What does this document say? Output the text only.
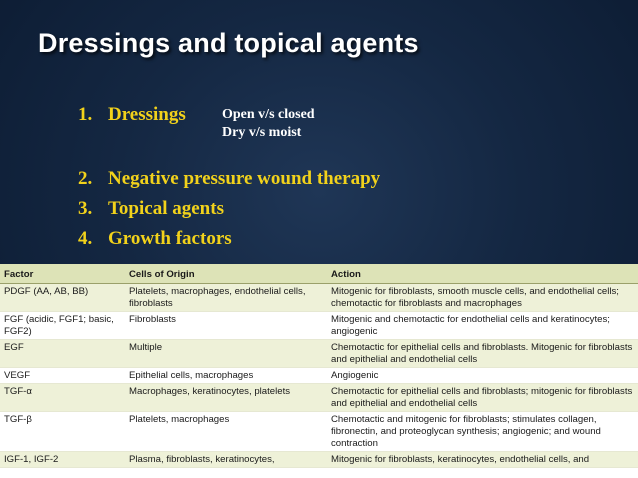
Dressings and topical agents
1. Dressings
2. Negative pressure wound therapy
3. Topical agents
4. Growth factors
Open v/s closed
Dry v/s moist
Factor	Cells of Origin	Action
PDGF (AA, AB, BB)	Platelets, macrophages, endothelial cells, fibroblasts	Mitogenic for fibroblasts, smooth muscle cells, and endothelial cells; chemotactic for fibroblasts and macrophages
FGF (acidic, FGF1; basic, FGF2)	Fibroblasts	Mitogenic and chemotactic for endothelial cells and keratinocytes; angiogenic
EGF	Multiple	Chemotactic for epithelial cells and fibroblasts. Mitogenic for fibroblasts and epithelial and endothelial cells
VEGF	Epithelial cells, macrophages	Angiogenic
TGF-α	Macrophages, keratinocytes, platelets	Chemotactic for epithelial cells and fibroblasts; mitogenic for fibroblasts and epithelial and endothelial cells
TGF-β	Platelets, macrophages	Chemotactic and mitogenic for fibroblasts; stimulates collagen, fibronectin, and proteoglycan synthesis; angiogenic; and wound contraction
IGF-1, IGF-2	Plasma, fibroblasts, keratinocytes,	Mitogenic for fibroblasts, keratinocytes, endothelial cells, and
